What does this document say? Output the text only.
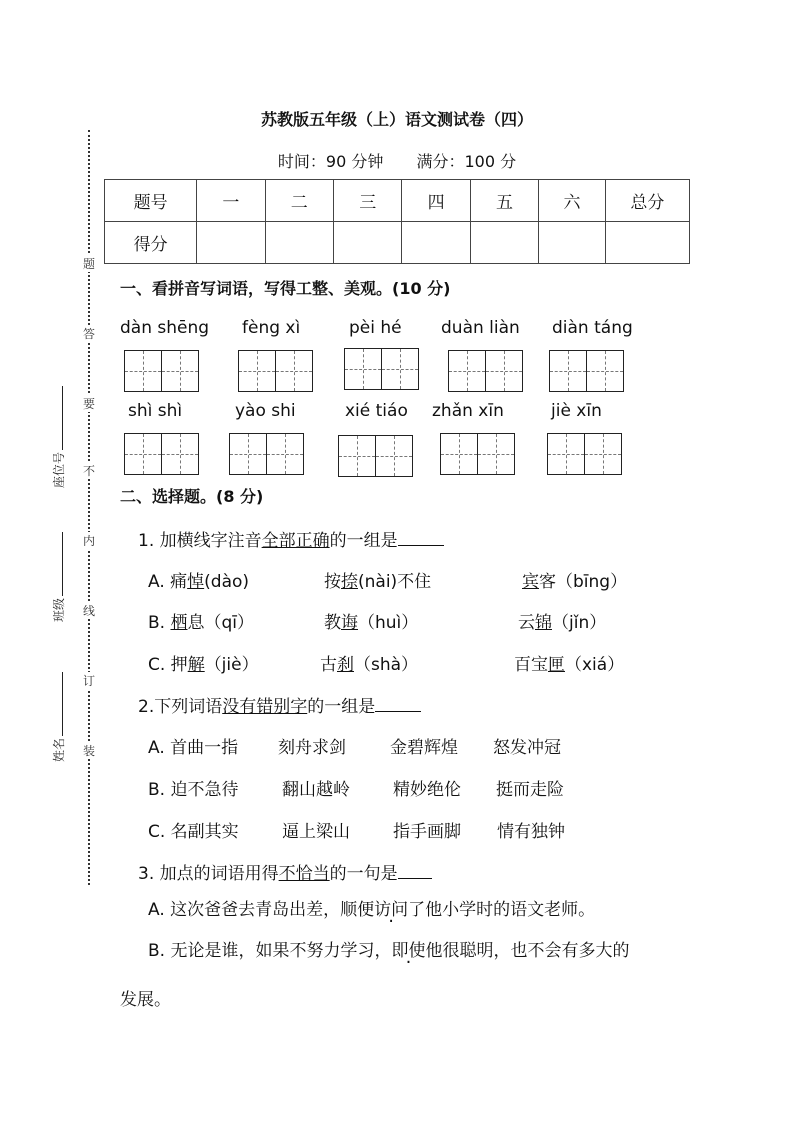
题
答
要
不
内
线
订
装
座位号
班级
姓名
苏教版五年级（上）语文测试卷（四）
时间：90 分钟 满分：100 分
题号	一	二	三	四	五	六	总分
得分							
一、看拼音写词语，写得工整、美观。(10 分)
dàn shēng fèng xì	pèi hé duàn liàn diàn táng
shì shì	yào shi	xié tiáo zhǎn xīn	jiè xīn
二、选择题。(8 分)
1. 加横线字注音全部正确的一组是
A. 痛悼(dào)	按捺(nài)不住	宾客（bīng）
B. 栖息（qī）	教诲（huì）	云锦（jǐn）
C. 押解（jiè）	古刹（shà）	百宝匣（xiá）
2.下列词语没有错别字的一组是
A. 首曲一指 刻舟求剑	金碧辉煌 怒发冲冠
B. 迫不急待	翻山越岭	精妙绝伦 挺而走险
C. 名副其实	逼上梁山	指手画脚 情有独钟
3. 加点的词语用得不恰当的一句是
A. 这次爸爸去青岛出差，顺便访问了他小学时的语文老师。
B. 无论是谁，如果不努力学习，即使他很聪明，也不会有多大的
发展。
